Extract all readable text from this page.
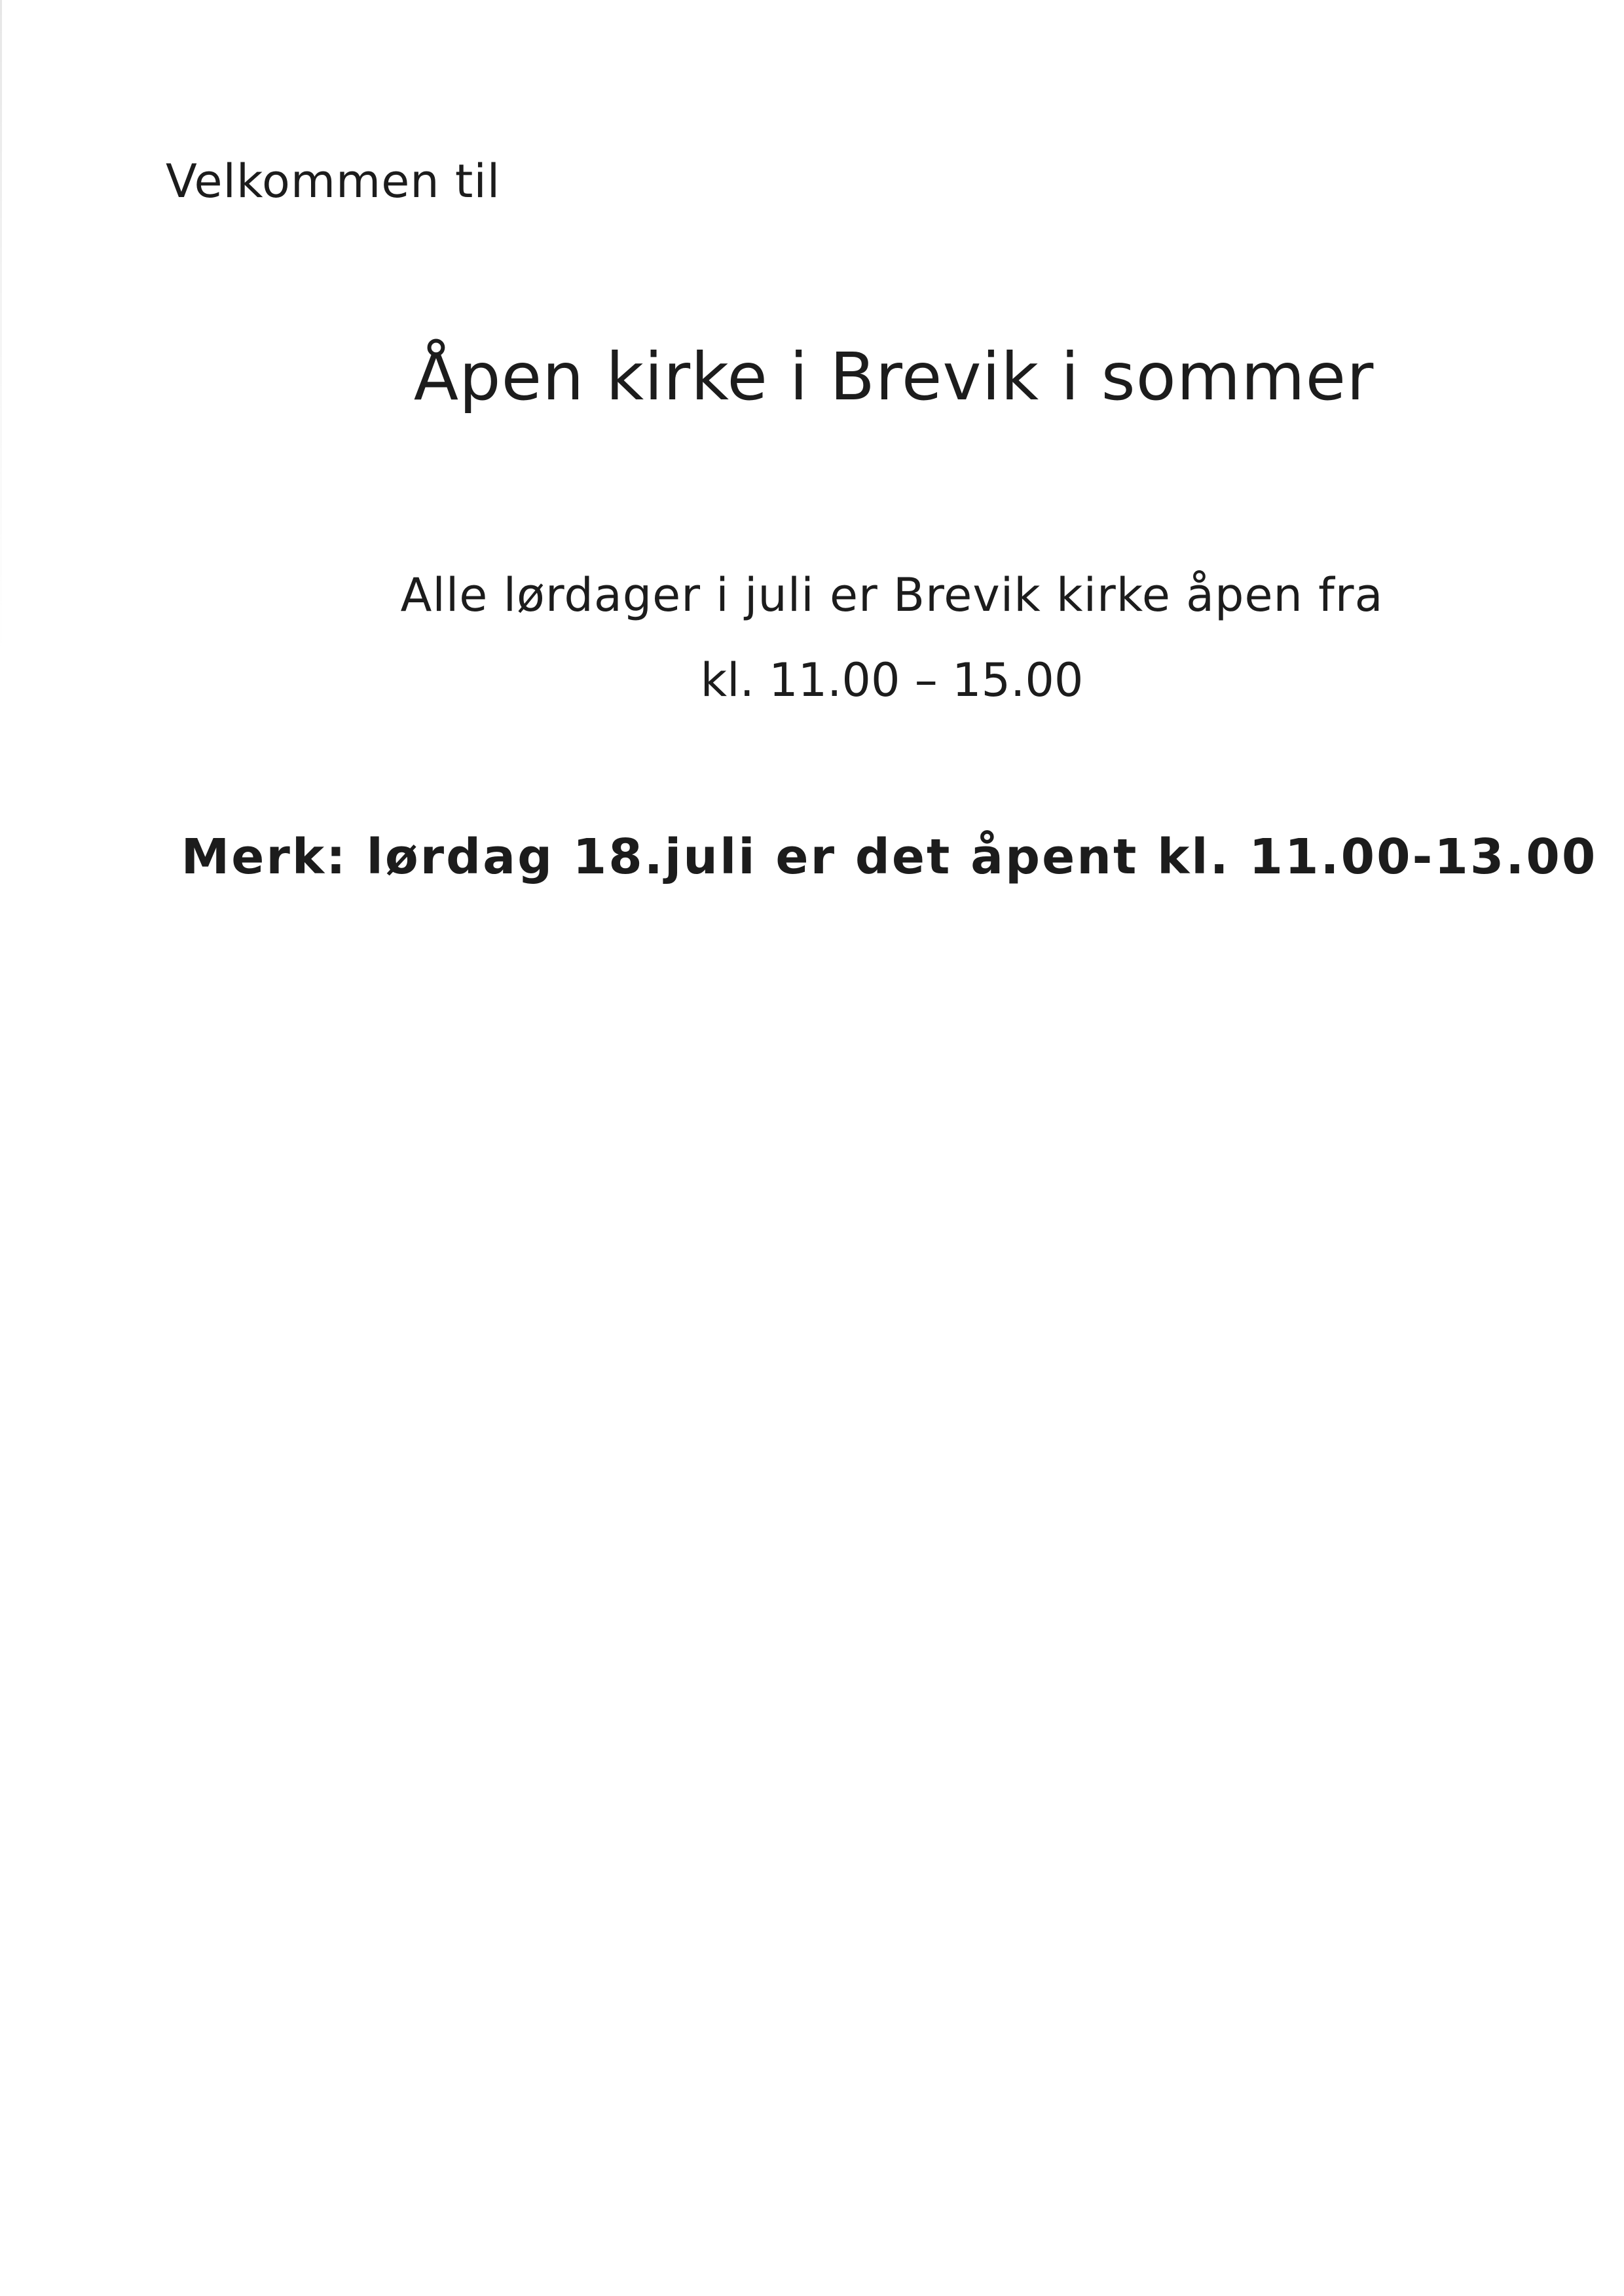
Velkommen til

Åpen kirke i Brevik i sommer

Alle lørdager i juli er Brevik kirke åpen fra

kl. 11.00 – 15.00

Merk: lørdag 18.juli er det åpent kl. 11.00-13.00
